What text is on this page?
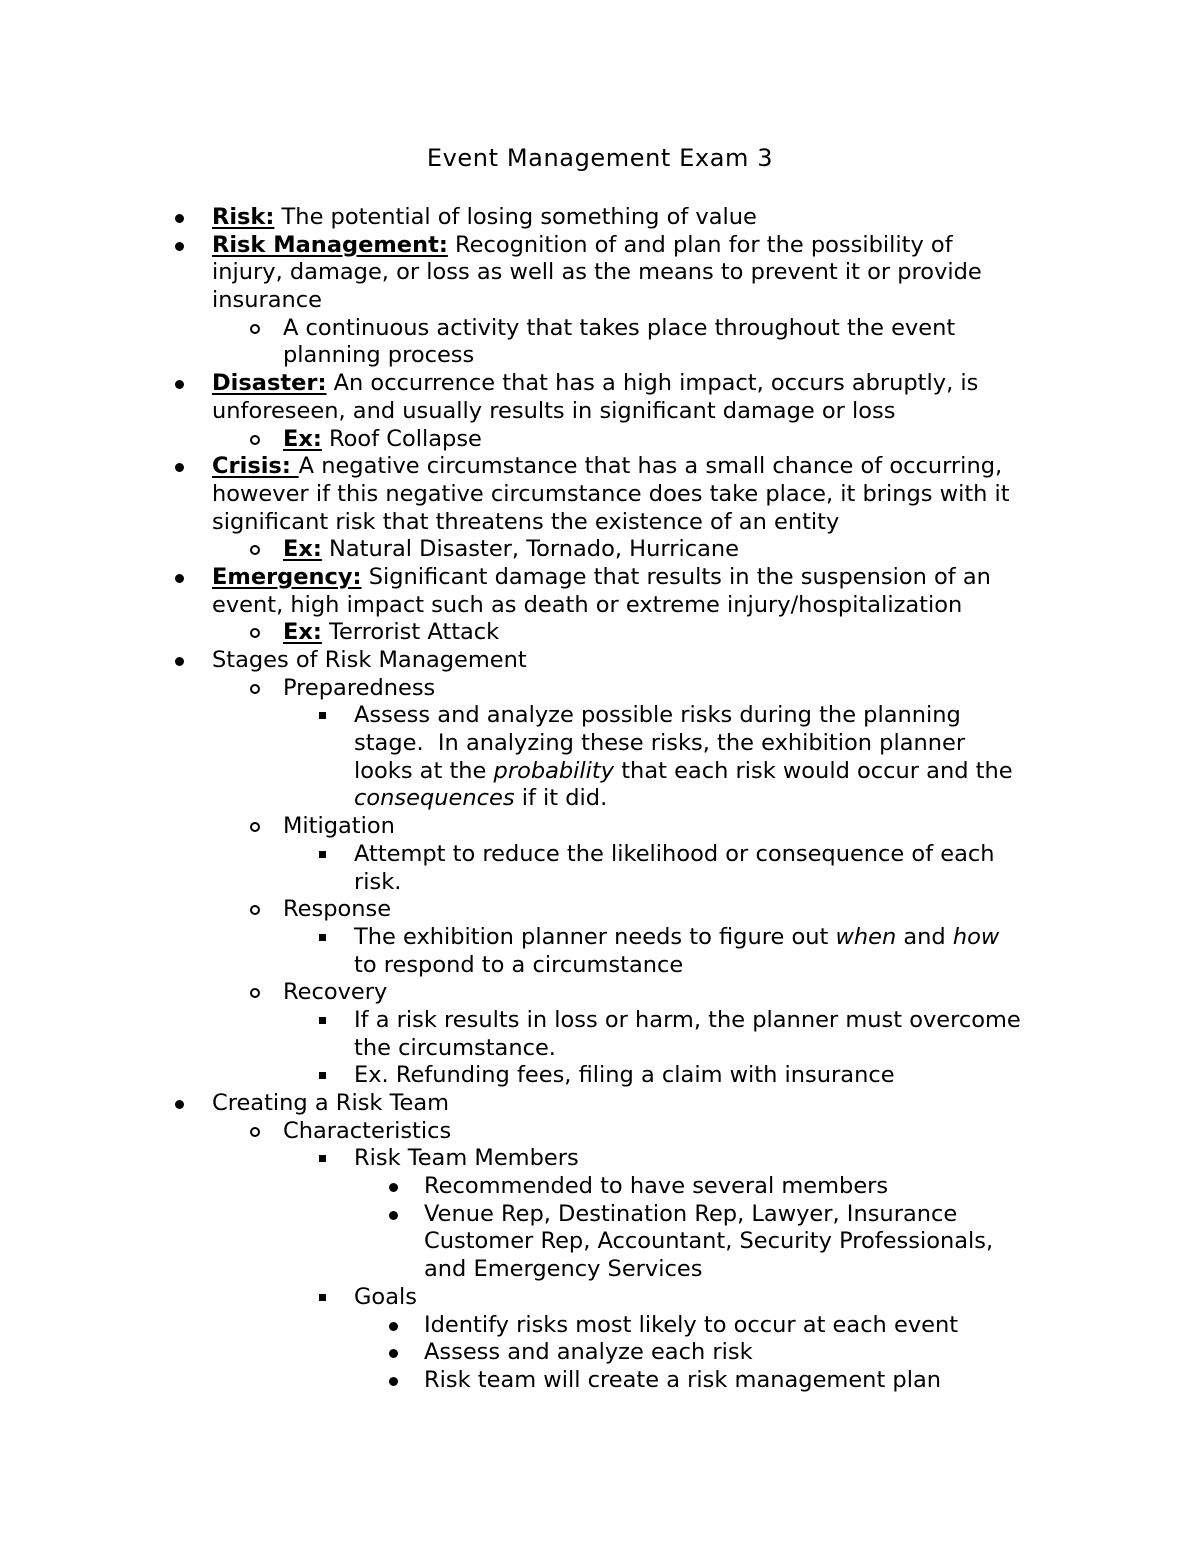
Event Management Exam 3

Risk: The potential of losing something of value

Risk Management: Recognition of and plan for the possibility of

injury, damage, or loss as well as the means to prevent it or provide

insurance

A continuous activity that takes place throughout the event

planning process

Disaster: An occurrence that has a high impact, occurs abruptly, is

unforeseen, and usually results in significant damage or loss

Ex: Roof Collapse

Crisis: A negative circumstance that has a small chance of occurring,

however if this negative circumstance does take place, it brings with it

significant risk that threatens the existence of an entity

Ex: Natural Disaster, Tornado, Hurricane

Emergency: Significant damage that results in the suspension of an

event, high impact such as death or extreme injury/hospitalization

Ex: Terrorist Attack

Stages of Risk Management

Preparedness

Assess and analyze possible risks during the planning

stage.  In analyzing these risks, the exhibition planner

looks at the probability that each risk would occur and the

consequences if it did.

Mitigation

Attempt to reduce the likelihood or consequence of each

risk.

Response

The exhibition planner needs to figure out when and how

to respond to a circumstance

Recovery

If a risk results in loss or harm, the planner must overcome

the circumstance.

Ex. Refunding fees, filing a claim with insurance

Creating a Risk Team

Characteristics

Risk Team Members

Recommended to have several members

Venue Rep, Destination Rep, Lawyer, Insurance

Customer Rep, Accountant, Security Professionals,

and Emergency Services

Goals

Identify risks most likely to occur at each event

Assess and analyze each risk

Risk team will create a risk management plan
